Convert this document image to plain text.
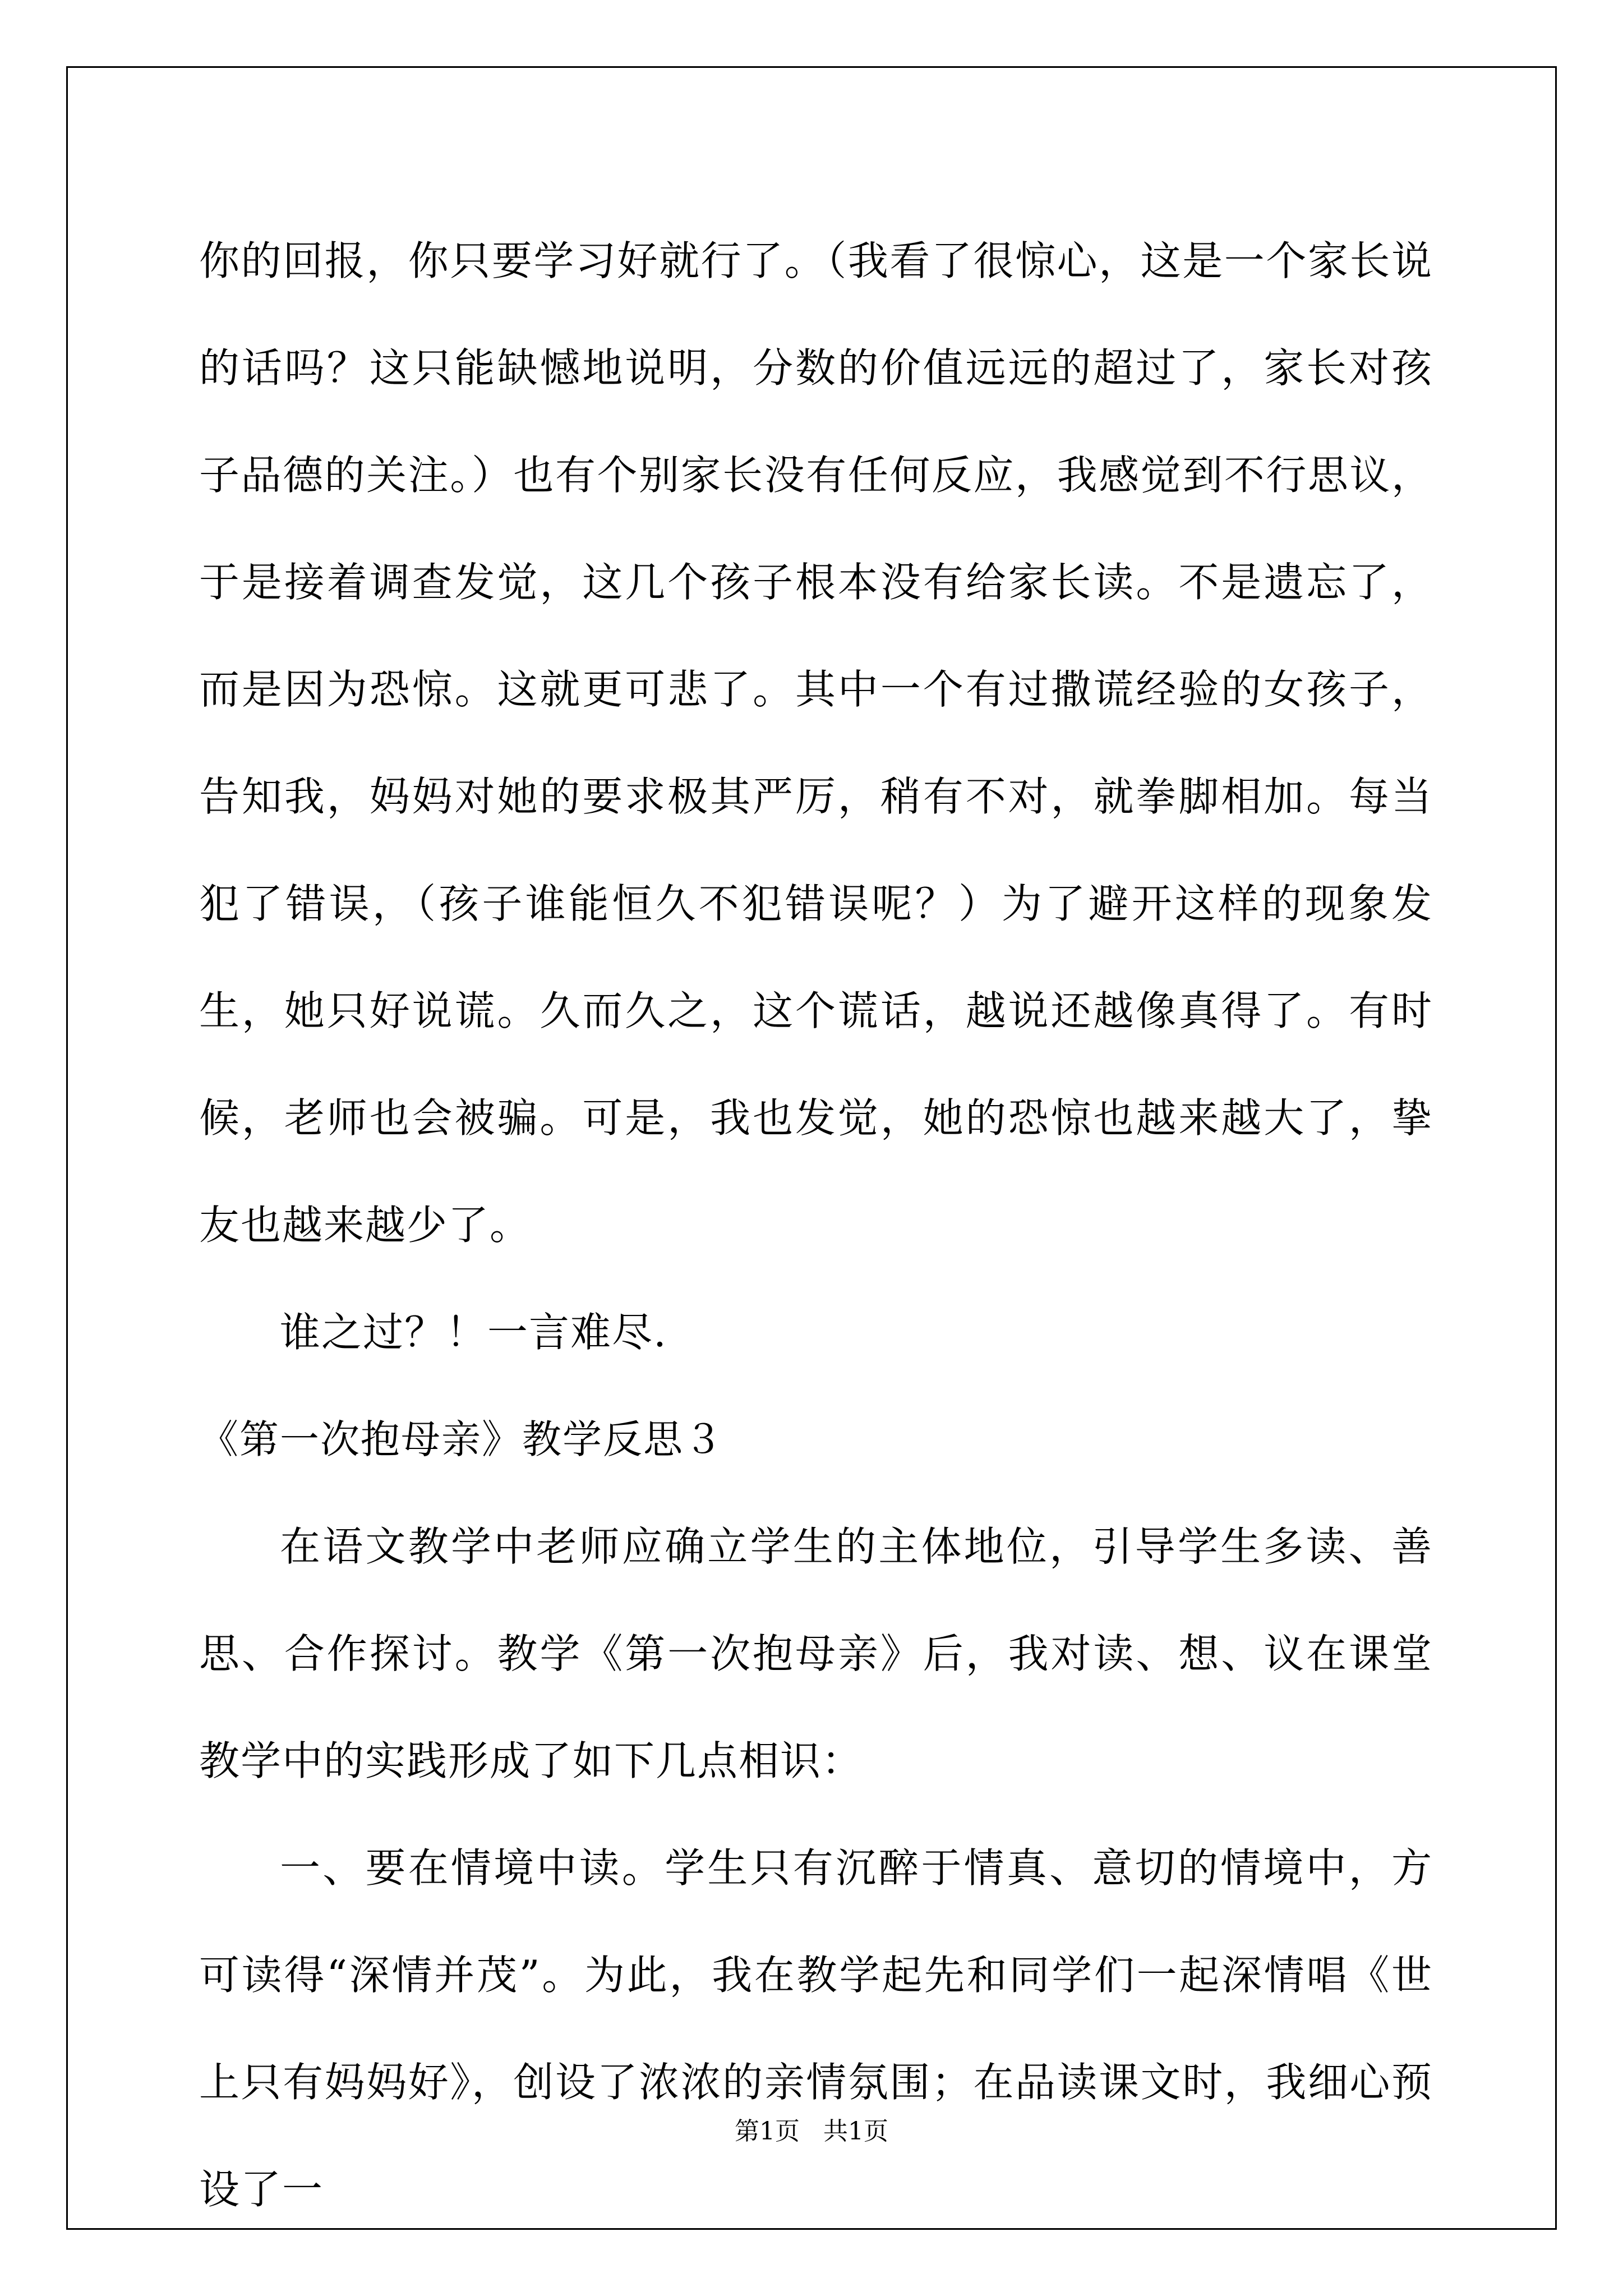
你的回报，你只要学习好就行了。（我看了很惊心，这是一个家长说的话吗？这只能缺憾地说明，分数的价值远远的超过了，家长对孩子品德的关注。）也有个别家长没有任何反应，我感觉到不行思议，于是接着调查发觉，这几个孩子根本没有给家长读。不是遗忘了，而是因为恐惊。这就更可悲了。其中一个有过撒谎经验的女孩子，告知我，妈妈对她的要求极其严厉，稍有不对，就拳脚相加。每当犯了错误，（孩子谁能恒久不犯错误呢？）为了避开这样的现象发生，她只好说谎。久而久之，这个谎话，越说还越像真得了。有时候，老师也会被骗。可是，我也发觉，她的恐惊也越来越大了，挚友也越来越少了。

谁之过？！一言难尽.

《第一次抱母亲》教学反思３

在语文教学中老师应确立学生的主体地位，引导学生多读、善思、合作探讨。教学《第一次抱母亲》后，我对读、想、议在课堂教学中的实践形成了如下几点相识：

一、要在情境中读。学生只有沉醉于情真、意切的情境中，方可读得“深情并茂”。为此，我在教学起先和同学们一起深情唱《世上只有妈妈好》，创设了浓浓的亲情氛围；在品读课文时，我细心预设了一

第1页 共1页
